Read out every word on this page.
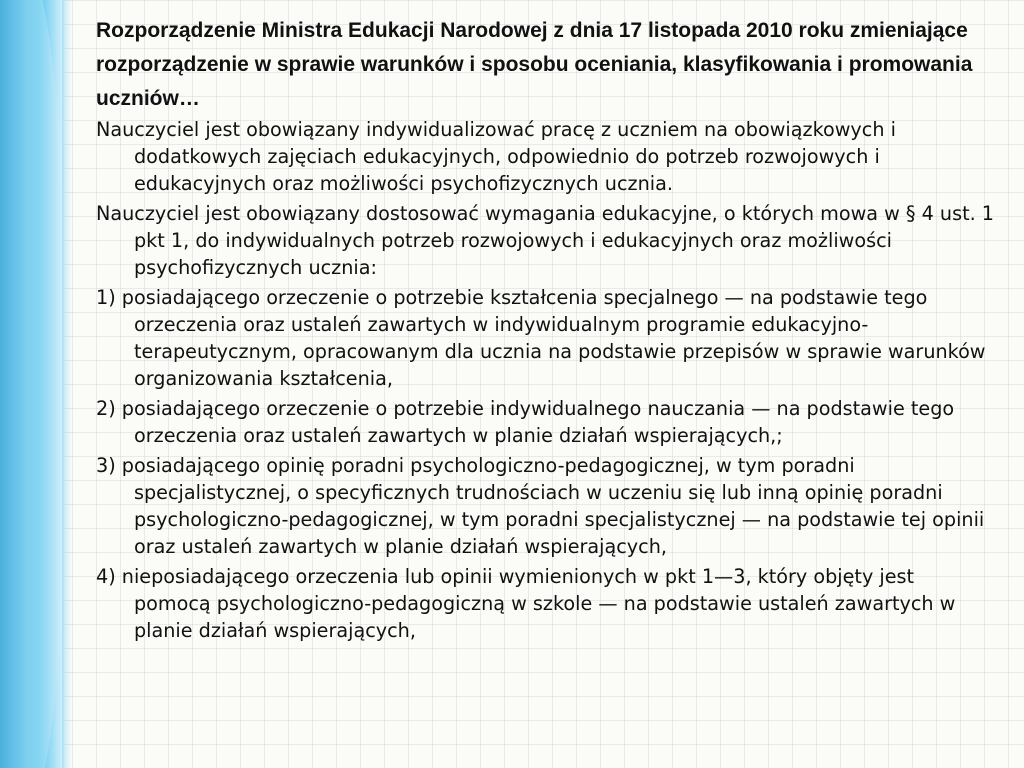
Rozporządzenie Ministra Edukacji Narodowej z dnia 17 listopada 2010 roku zmieniające rozporządzenie w sprawie warunków i sposobu oceniania, klasyfikowania i promowania uczniów…

Nauczyciel jest obowiązany indywidualizować pracę z uczniem na obowiązkowych i dodatkowych zajęciach edukacyjnych, odpowiednio do potrzeb rozwojowych i edukacyjnych oraz możliwości psychofizycznych ucznia.

Nauczyciel jest obowiązany dostosować wymagania edukacyjne, o których mowa w § 4 ust. 1 pkt 1, do indywidualnych potrzeb rozwojowych i edukacyjnych oraz możliwości psychofizycznych ucznia:

1) posiadającego orzeczenie o potrzebie kształcenia specjalnego — na podstawie tego orzeczenia oraz ustaleń zawartych w indywidualnym programie edukacyjno- terapeutycznym, opracowanym dla ucznia na podstawie przepisów w sprawie warunków organizowania kształcenia,

2) posiadającego orzeczenie o potrzebie indywidualnego nauczania — na podstawie tego orzeczenia oraz ustaleń zawartych w planie działań wspierających,;

3) posiadającego opinię poradni psychologiczno-pedagogicznej, w tym poradni specjalistycznej, o specyficznych trudnościach w uczeniu się lub inną opinię poradni psychologiczno-pedagogicznej, w tym poradni specjalistycznej — na podstawie tej opinii oraz ustaleń zawartych w planie działań wspierających,

4) nieposiadającego orzeczenia lub opinii wymienionych w pkt 1—3, który objęty jest pomocą psychologiczno-pedagogiczną w szkole — na podstawie ustaleń zawartych w planie działań wspierających,
